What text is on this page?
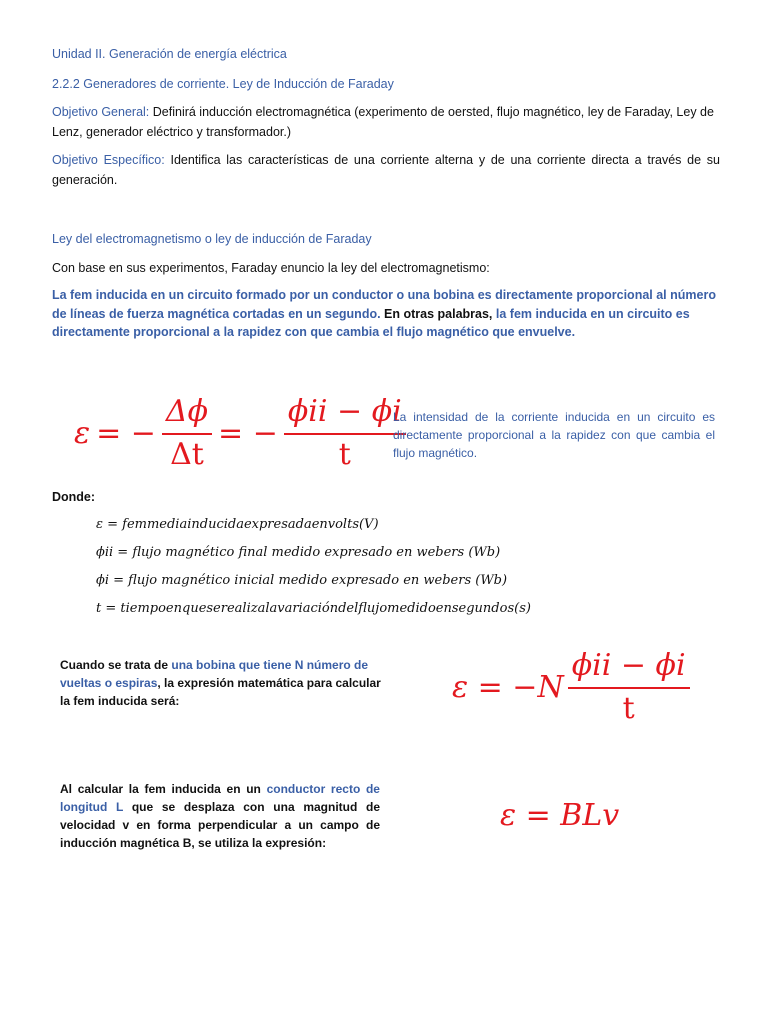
Unidad II. Generación de energía eléctrica
2.2.2 Generadores de corriente. Ley de Inducción de Faraday
Objetivo General: Definirá inducción electromagnética (experimento de oersted, flujo magnético, ley de Faraday, Ley de Lenz, generador eléctrico y transformador.)
Objetivo Específico: Identifica las características de una corriente alterna y de una corriente directa a través de su generación.
Ley del electromagnetismo o ley de inducción de Faraday
Con base en sus experimentos, Faraday enuncio la ley del electromagnetismo:
La fem inducida en un circuito formado por un conductor o una bobina es directamente proporcional al número de líneas de fuerza magnética cortadas en un segundo. En otras palabras, la fem inducida en un circuito es directamente proporcional a la rapidez con que cambia el flujo magnético que envuelve.
ε = − $\frac{\Delta\phi}{\Delta t}$ = − $\frac{\text{ϕii − ϕi}}{t}$
La intensidad de la corriente inducida en un circuito es directamente proporcional a la rapidez con que cambia el flujo magnético.
Donde:
ε = femmediainducidaexpresadaenvolts(V)
ϕii = flujo magnético final medido expresado en webers (Wb)
ϕi = flujo magnético inicial medido expresado en webers (Wb)
t = tiempoenqueserealizalavariacióndelflujomedidoensegundos(s)
Cuando se trata de una bobina que tiene N número de vueltas o espiras, la expresión matemática para calcular la fem inducida será:	$\varepsilon = -N \frac{\text{ϕii − ϕi}}{t}$
Al calcular la fem inducida en un conductor recto de longitud L que se desplaza con una magnitud de velocidad v en forma perpendicular a un campo de inducción magnética B, se utiliza la expresión:
ε = BLv
